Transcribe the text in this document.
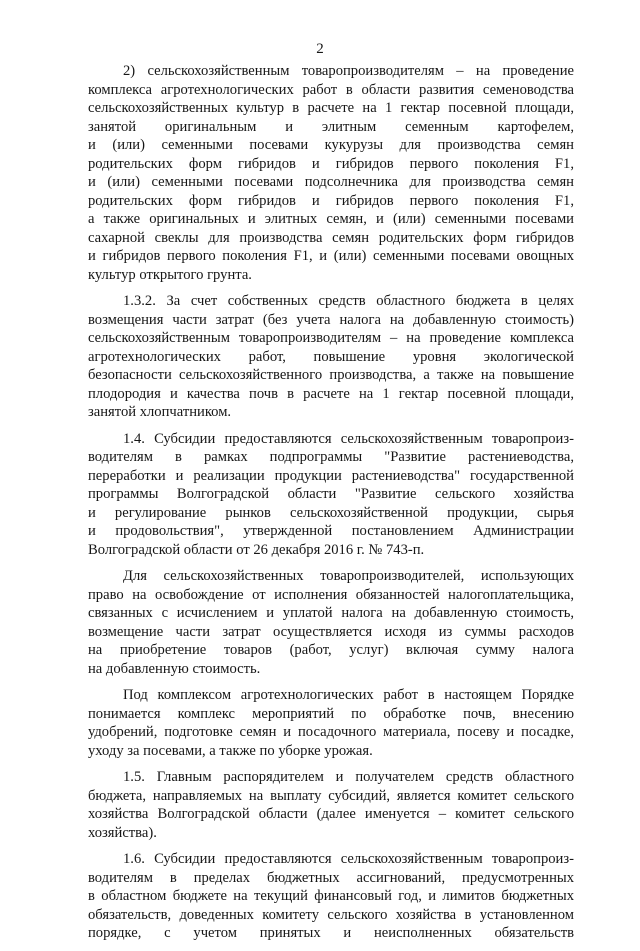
2
2) сельскохозяйственным товаропроизводителям – на проведение
комплекса агротехнологических работ в области развития семеноводства
сельскохозяйственных культур в расчете на 1 гектар посевной площади,
занятой оригинальным и элитным семенным картофелем,
и (или) семенными посевами кукурузы для производства семян
родительских форм гибридов и гибридов первого поколения F1,
и (или) семенными посевами подсолнечника для производства семян
родительских форм гибридов и гибридов первого поколения F1,
а также оригинальных и элитных семян, и (или) семенными посевами
сахарной свеклы для производства семян родительских форм гибридов
и гибридов первого поколения F1, и (или) семенными посевами овощных
культур открытого грунта.
1.3.2. За счет собственных средств областного бюджета в целях
возмещения части затрат (без учета налога на добавленную стоимость)
сельскохозяйственным товаропроизводителям – на проведение комплекса
агротехнологических работ, повышение уровня экологической
безопасности сельскохозяйственного производства, а также на повышение
плодородия и качества почв в расчете на 1 гектар посевной площади,
занятой хлопчатником.
1.4. Субсидии предоставляются сельскохозяйственным товаропроиз-
водителям в рамках подпрограммы "Развитие растениеводства,
переработки и реализации продукции растениеводства" государственной
программы Волгоградской области "Развитие сельского хозяйства
и регулирование рынков сельскохозяйственной продукции, сырья
и продовольствия", утвержденной постановлением Администрации
Волгоградской области от 26 декабря 2016 г. № 743-п.
Для сельскохозяйственных товаропроизводителей, использующих
право на освобождение от исполнения обязанностей налогоплательщика,
связанных с исчислением и уплатой налога на добавленную стоимость,
возмещение части затрат осуществляется исходя из суммы расходов
на приобретение товаров (работ, услуг) включая сумму налога
на добавленную стоимость.
Под комплексом агротехнологических работ в настоящем Порядке
понимается комплекс мероприятий по обработке почв, внесению
удобрений, подготовке семян и посадочного материала, посеву и посадке,
уходу за посевами, а также по уборке урожая.
1.5. Главным распорядителем и получателем средств областного
бюджета, направляемых на выплату субсидий, является комитет сельского
хозяйства Волгоградской области (далее именуется – комитет сельского
хозяйства).
1.6. Субсидии предоставляются сельскохозяйственным товаропроиз-
водителям в пределах бюджетных ассигнований, предусмотренных
в областном бюджете на текущий финансовый год, и лимитов бюджетных
обязательств, доведенных комитету сельского хозяйства в установленном
порядке, с учетом принятых и неисполненных обязательств
